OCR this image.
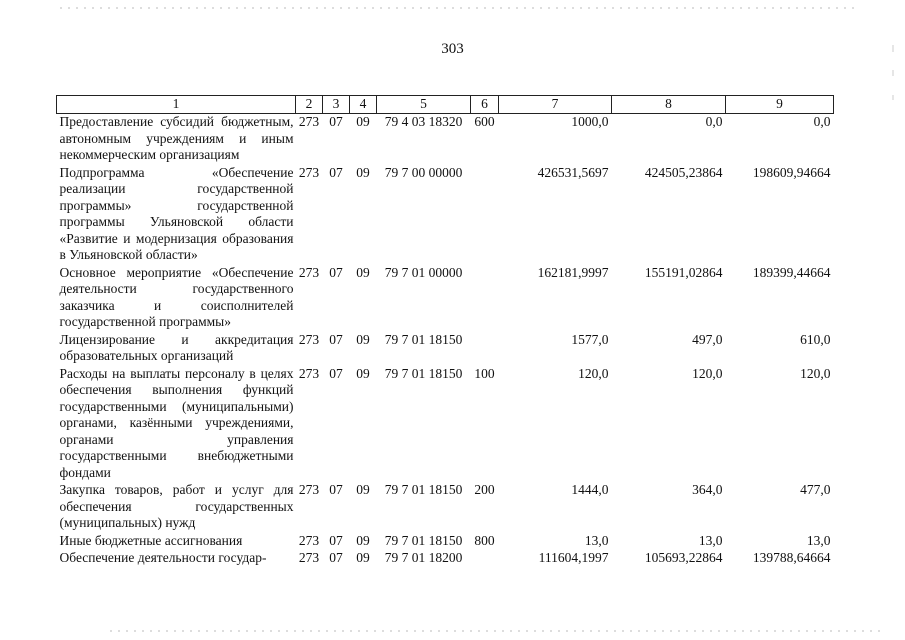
303
1	2	3	4	5	6	7	8	9
Предоставление субсидий бюджетным, автономным учреждениям и иным некоммерческим организациям	273	07	09	79 4 03 18320	600	1000,0	0,0	0,0
Подпрограмма «Обеспечение реализации государственной программы» государственной программы Ульяновской области «Развитие и модернизация образования в Ульяновской области»	273	07	09	79 7 00 00000		426531,5697	424505,23864	198609,94664
Основное мероприятие «Обеспечение деятельности государственного заказчика и соисполнителей государственной программы»	273	07	09	79 7 01 00000		162181,9997	155191,02864	189399,44664
Лицензирование и аккредитация образовательных организаций	273	07	09	79 7 01 18150		1577,0	497,0	610,0
Расходы на выплаты персоналу в целях обеспечения выполнения функций государственными (муниципальными) органами, казёнными учреждениями, органами управления государственными внебюджетными фондами	273	07	09	79 7 01 18150	100	120,0	120,0	120,0
Закупка товаров, работ и услуг для обеспечения государственных (муниципальных) нужд	273	07	09	79 7 01 18150	200	1444,0	364,0	477,0
Иные бюджетные ассигнования	273	07	09	79 7 01 18150	800	13,0	13,0	13,0
Обеспечение деятельности государ-	273	07	09	79 7 01 18200		111604,1997	105693,22864	139788,64664
